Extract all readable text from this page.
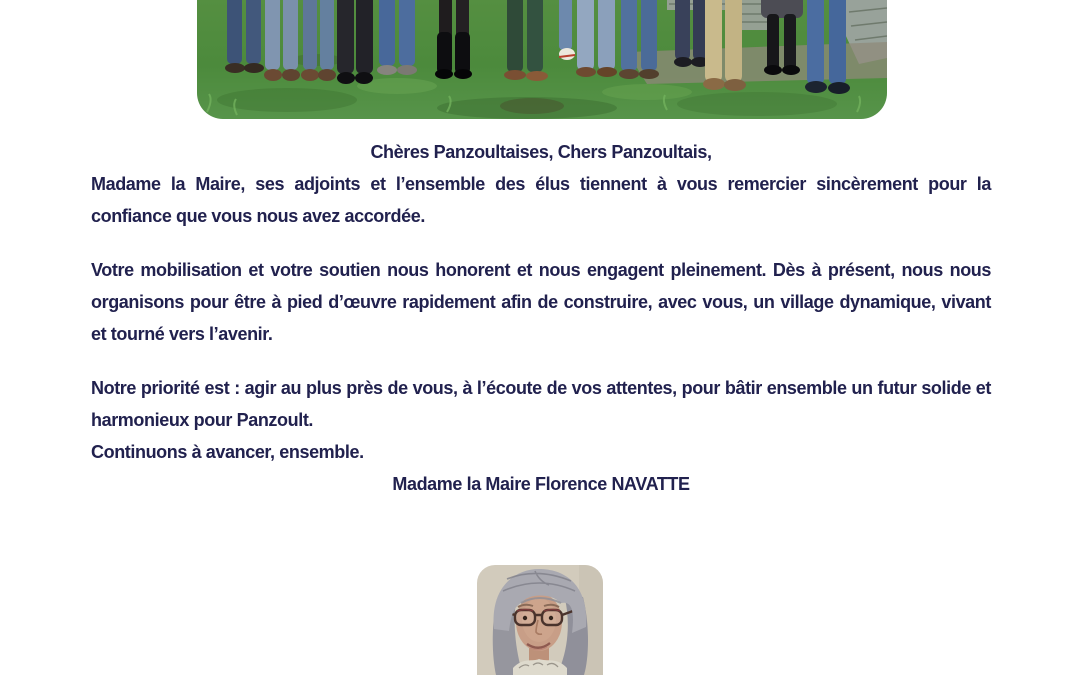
Chères Panzoultaises, Chers Panzoultais,

Madame la Maire, ses adjoints et l’ensemble des élus tiennent à vous remercier sincèrement pour la confiance que vous nous avez accordée.

Votre mobilisation et votre soutien nous honorent et nous engagent pleinement. Dès à présent, nous nous organisons pour être à pied d’œuvre rapidement afin de construire, avec vous, un village dynamique, vivant et tourné vers l’avenir.

Notre priorité est : agir au plus près de vous, à l’écoute de vos attentes, pour bâtir ensemble un futur solide et harmonieux pour Panzoult.

Continuons à avancer, ensemble.

Madame la Maire Florence NAVATTE
